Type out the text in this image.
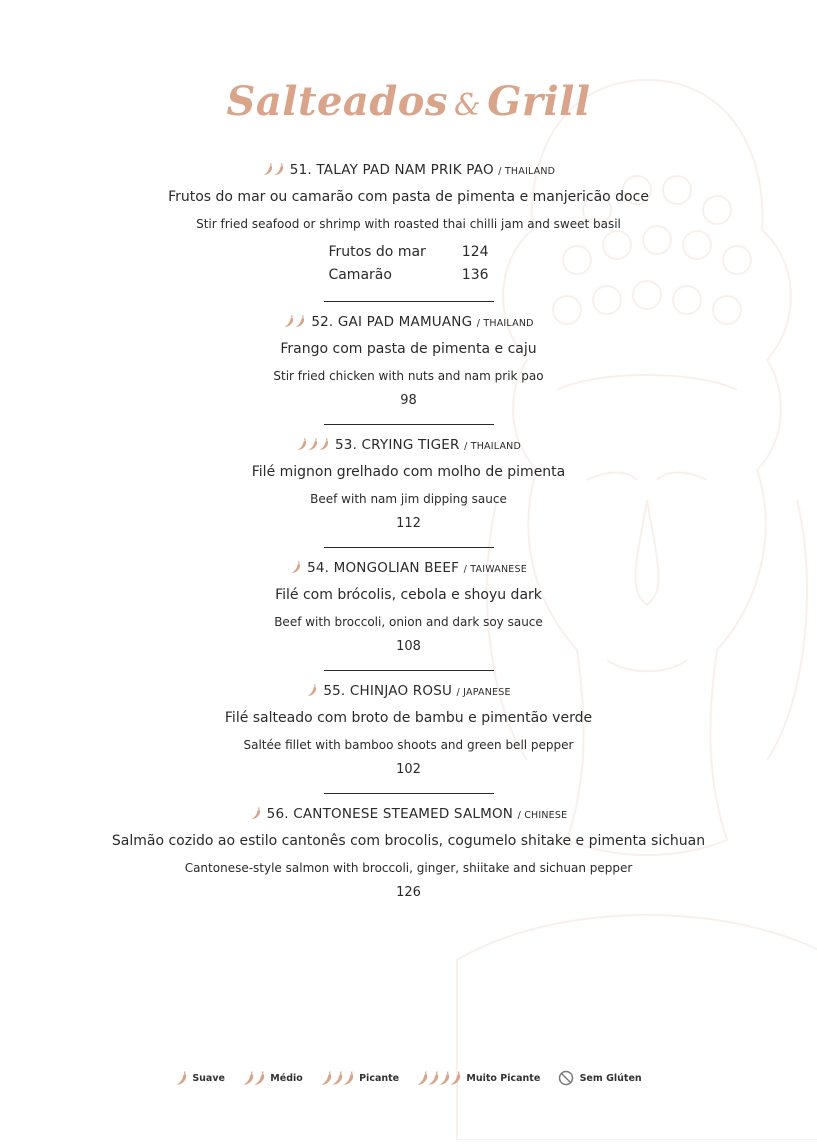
Salteados & Grill
51. TALAY PAD NAM PRIK PAO / THAILAND
Frutos do mar ou camarão com pasta de pimenta e manjericão doce
Stir fried seafood or shrimp with roasted thai chilli jam and sweet basil
Frutos do mar	124
Camarão	136
52. GAI PAD MAMUANG / THAILAND
Frango com pasta de pimenta e caju
Stir fried chicken with nuts and nam prik pao
98
53. CRYING TIGER / THAILAND
Filé mignon grelhado com molho de pimenta
Beef with nam jim dipping sauce
112
54. MONGOLIAN BEEF / TAIWANESE
Filé com brócolis, cebola e shoyu dark
Beef with broccoli, onion and dark soy sauce
108
55. CHINJAO ROSU / JAPANESE
Filé salteado com broto de bambu e pimentão verde
Saltée fillet with bamboo shoots and green bell pepper
102
56. CANTONESE STEAMED SALMON / CHINESE
Salmão cozido ao estilo cantonês com brocolis, cogumelo shitake e pimenta sichuan
Cantonese-style salmon with broccoli, ginger, shiitake and sichuan pepper
126
Suave	Médio	Picante	Muito Picante	Sem Glúten
